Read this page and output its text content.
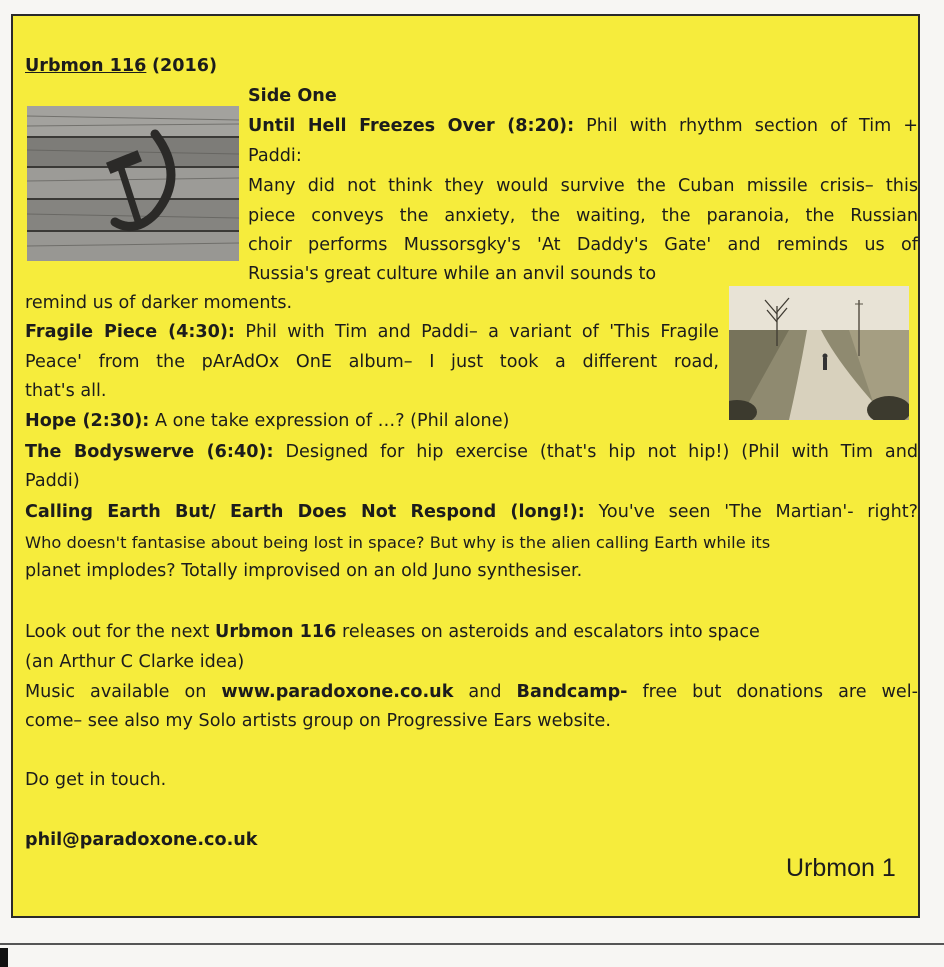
Urbmon 116 (2016)
Side One
Until Hell Freezes Over (8:20): Phil with rhythm section of Tim +
Paddi:
Many did not think they would survive the Cuban missile crisis– this
piece conveys the anxiety, the waiting, the paranoia, the Russian
choir performs Mussorsgky's 'At Daddy's Gate' and reminds us of
Russia's great culture while an anvil sounds to
remind us of darker moments.
Fragile Piece (4:30): Phil with Tim and Paddi– a variant of 'This Fragile
Peace' from the pArAdOx OnE album– I just took a different road,
that's all.
Hope (2:30): A one take expression of …? (Phil alone)
The Bodyswerve (6:40): Designed for hip exercise (that's hip not hip!) (Phil with Tim and
Paddi)
Calling Earth But/ Earth Does Not Respond (long!): You've seen 'The Martian'- right?
Who doesn't fantasise about being lost in space? But why is the alien calling Earth while its
planet implodes? Totally improvised on an old Juno synthesiser.
Look out for the next Urbmon 116 releases on asteroids and escalators into space
(an Arthur C Clarke idea)
Music available on www.paradoxone.co.uk and Bandcamp- free but donations are wel-
come– see also my Solo artists group on Progressive Ears website.
Do get in touch.
phil@paradoxone.co.uk
Urbmon 1
